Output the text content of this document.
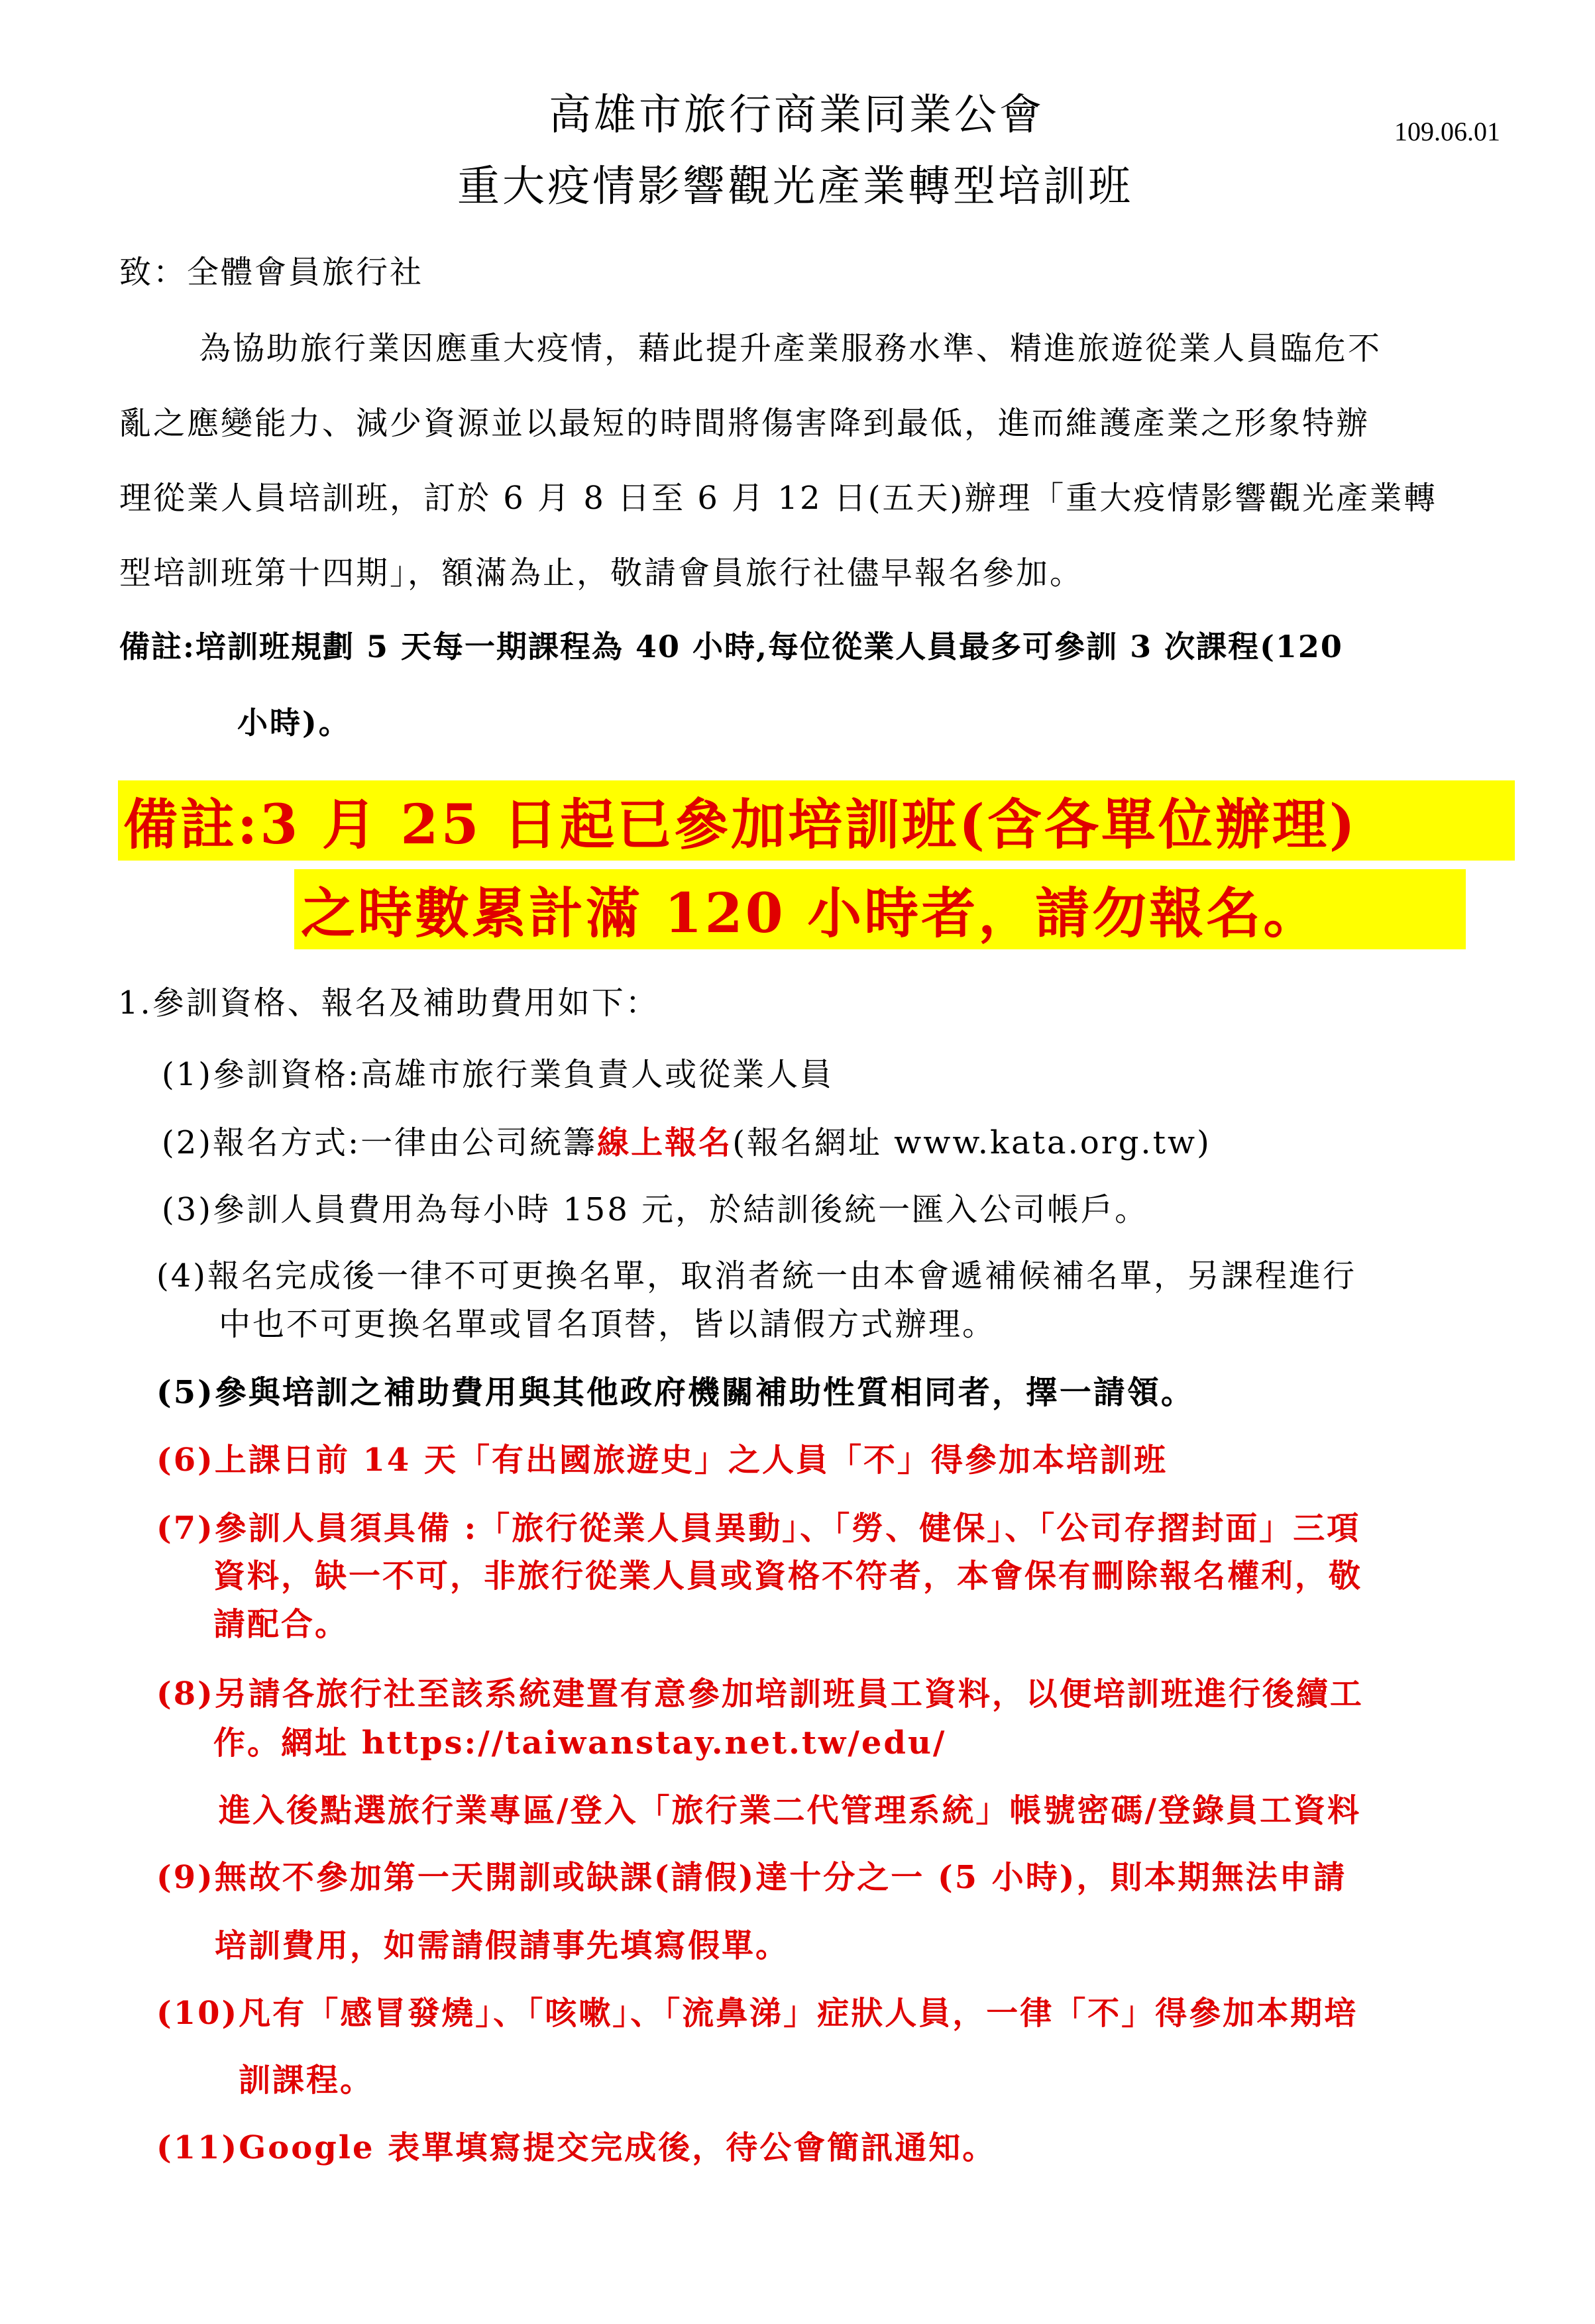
高雄市旅行商業同業公會
重大疫情影響觀光產業轉型培訓班
109.06.01
致：全體會員旅行社
為協助旅行業因應重大疫情，藉此提升產業服務水準、精進旅遊從業人員臨危不
亂之應變能力、減少資源並以最短的時間將傷害降到最低，進而維護產業之形象特辦
理從業人員培訓班，訂於 6 月 8 日至 6 月 12 日(五天)辦理「重大疫情影響觀光產業轉
型培訓班第十四期」，額滿為止，敬請會員旅行社儘早報名參加。
備註:培訓班規劃 5 天每一期課程為 40 小時,每位從業人員最多可參訓 3 次課程(120
小時)。
備註:3 月 25 日起已參加培訓班(含各單位辦理)
之時數累計滿 120 小時者，請勿報名。
1.參訓資格、報名及補助費用如下：
(1)參訓資格:高雄市旅行業負責人或從業人員
(2)報名方式:一律由公司統籌線上報名(報名網址 www.kata.org.tw)
(3)參訓人員費用為每小時 158 元，於結訓後統一匯入公司帳戶。
(4)報名完成後一律不可更換名單，取消者統一由本會遞補候補名單，另課程進行
中也不可更換名單或冒名頂替，皆以請假方式辦理。
(5)參與培訓之補助費用與其他政府機關補助性質相同者，擇一請領。
(6)上課日前 14 天「有出國旅遊史」之人員「不」得參加本培訓班
(7)參訓人員須具備 :「旅行從業人員異動」、「勞、健保」、「公司存摺封面」三項
資料，缺一不可，非旅行從業人員或資格不符者，本會保有刪除報名權利，敬
請配合。
(8)另請各旅行社至該系統建置有意參加培訓班員工資料，以便培訓班進行後續工
作。網址 https://taiwanstay.net.tw/edu/
進入後點選旅行業專區/登入「旅行業二代管理系統」帳號密碼/登錄員工資料
(9)無故不參加第一天開訓或缺課(請假)達十分之一 (5 小時)，則本期無法申請
培訓費用，如需請假請事先填寫假單。
(10)凡有「感冒發燒」、「咳嗽」、「流鼻涕」症狀人員，一律「不」得參加本期培
訓課程。
(11)Google 表單填寫提交完成後，待公會簡訊通知。
